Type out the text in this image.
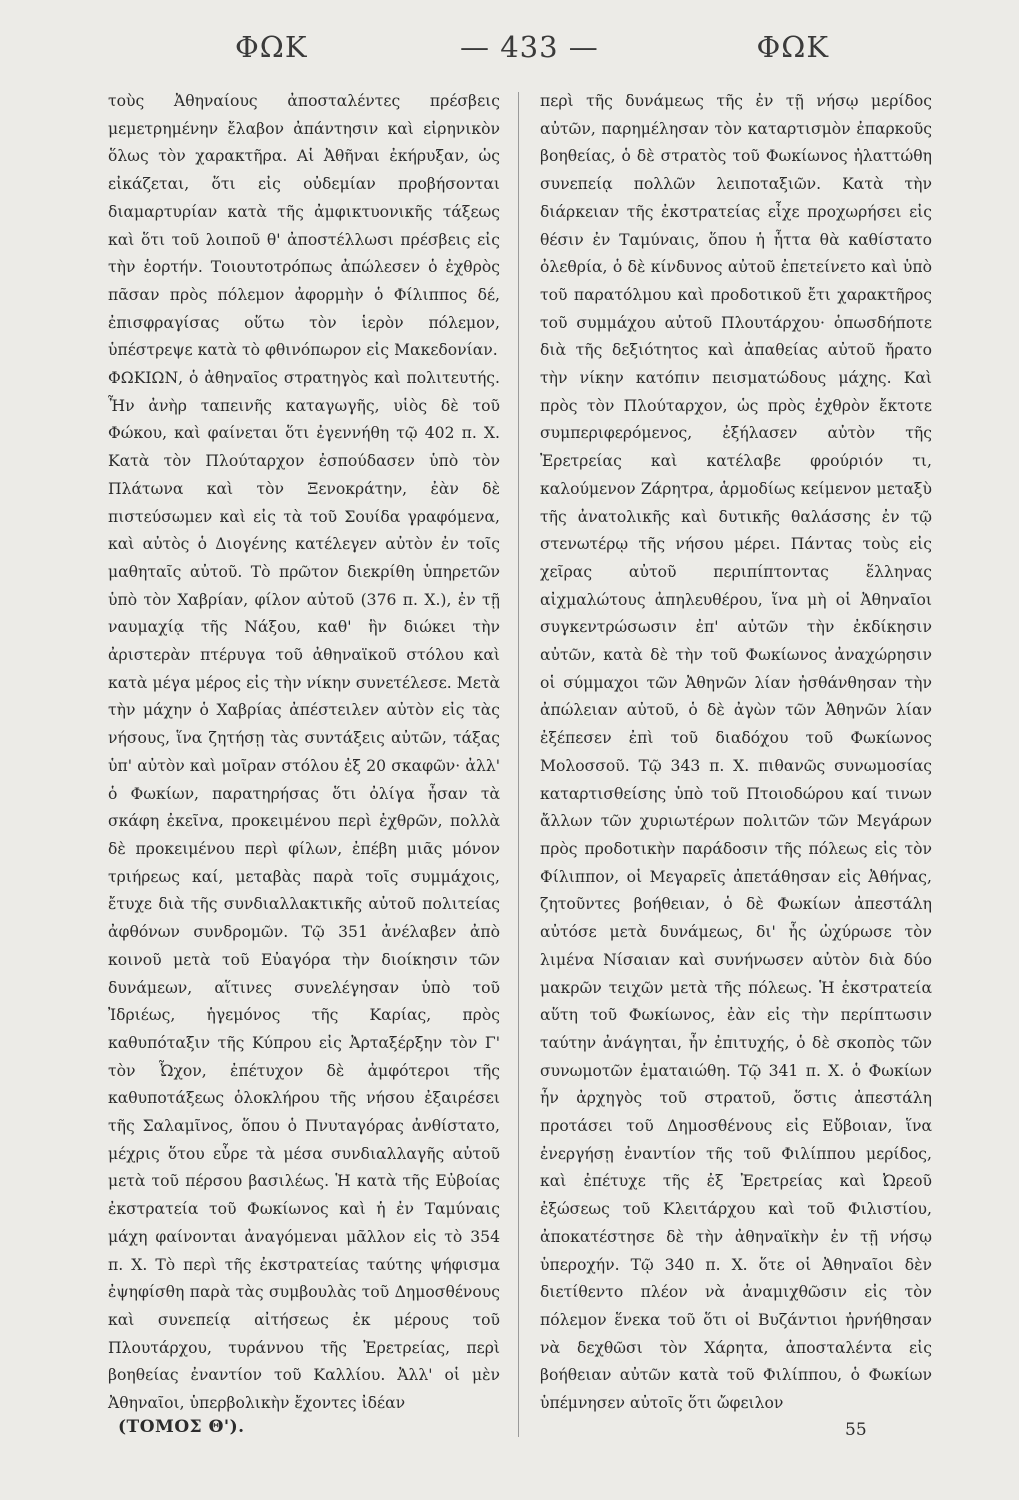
ΦΩΚ	— 433 —	ΦΩΚ

τοὺς Ἀθηναίους ἀποσταλέντες πρέσβεις μεμετρημένην ἔλαβον ἀπάντησιν καὶ εἰρηνικὸν ὅλως τὸν χαρακτῆρα. Αἱ Ἀθῆναι ἐκήρυξαν, ὡς εἰκάζεται, ὅτι εἰς οὐδεμίαν προβήσονται διαμαρτυρίαν κατὰ τῆς ἀμφικτυονικῆς τάξεως καὶ ὅτι τοῦ λοιποῦ θ' ἀποστέλλωσι πρέσβεις εἰς τὴν ἑορτήν. Τοιουτοτρόπως ἀπώλεσεν ὁ ἐχθρὸς πᾶσαν πρὸς πόλεμον ἀφορμὴν ὁ Φίλιππος δέ, ἐπισφραγίσας οὕτω τὸν ἱερὸν πόλεμον, ὑπέστρεψε κατὰ τὸ φθινόπωρον εἰς Μακεδονίαν.

ΦΩΚΙΩΝ, ὁ ἀθηναῖος στρατηγὸς καὶ πολιτευτής. Ἦν ἀνὴρ ταπεινῆς καταγωγῆς, υἱὸς δὲ τοῦ Φώκου, καὶ φαίνεται ὅτι ἐγεννήθη τῷ 402 π. Χ. Κατὰ τὸν Πλούταρχον ἐσπούδασεν ὑπὸ τὸν Πλάτωνα καὶ τὸν Ξενοκράτην, ἐὰν δὲ πιστεύσωμεν καὶ εἰς τὰ τοῦ Σουίδα γραφόμενα, καὶ αὐτὸς ὁ Διογένης κατέλεγεν αὐτὸν ἐν τοῖς μαθηταῖς αὐτοῦ. Τὸ πρῶτον διεκρίθη ὑπηρετῶν ὑπὸ τὸν Χαβρίαν, φίλον αὐτοῦ (376 π. Χ.), ἐν τῇ ναυμαχίᾳ τῆς Νάξου, καθ' ἣν διώκει τὴν ἀριστερὰν πτέρυγα τοῦ ἀθηναϊκοῦ στόλου καὶ κατὰ μέγα μέρος εἰς τὴν νίκην συνετέλεσε. Μετὰ τὴν μάχην ὁ Χαβρίας ἀπέστειλεν αὐτὸν εἰς τὰς νήσους, ἵνα ζητήσῃ τὰς συντάξεις αὐτῶν, τάξας ὑπ' αὐτὸν καὶ μοῖραν στόλου ἐξ 20 σκαφῶν· ἀλλ' ὁ Φωκίων, παρατηρήσας ὅτι ὀλίγα ἦσαν τὰ σκάφη ἐκεῖνα, προκειμένου περὶ ἐχθρῶν, πολλὰ δὲ προκειμένου περὶ φίλων, ἐπέβη μιᾶς μόνον τριήρεως καί, μεταβὰς παρὰ τοῖς συμμάχοις, ἔτυχε διὰ τῆς συνδιαλλακτικῆς αὐτοῦ πολιτείας ἀφθόνων συνδρομῶν. Τῷ 351 ἀνέλαβεν ἀπὸ κοινοῦ μετὰ τοῦ Εὐαγόρα τὴν διοίκησιν τῶν δυνάμεων, αἵτινες συνελέγησαν ὑπὸ τοῦ Ἰδριέως, ἡγεμόνος τῆς Καρίας, πρὸς καθυπόταξιν τῆς Κύπρου εἰς Ἀρταξέρξην τὸν Γ' τὸν Ὦχον, ἐπέτυχον δὲ ἀμφότεροι τῆς καθυποτάξεως ὁλοκλήρου τῆς νήσου ἐξαιρέσει τῆς Σαλαμῖνος, ὅπου ὁ Πνυταγόρας ἀνθίστατο, μέχρις ὅτου εὗρε τὰ μέσα συνδιαλλαγῆς αὐτοῦ μετὰ τοῦ πέρσου βασιλέως. Ἡ κατὰ τῆς Εὐβοίας ἐκστρατεία τοῦ Φωκίωνος καὶ ἡ ἐν Ταμύναις μάχη φαίνονται ἀναγόμεναι μᾶλλον εἰς τὸ 354 π. Χ. Τὸ περὶ τῆς ἐκστρατείας ταύτης ψήφισμα ἐψηφίσθη παρὰ τὰς συμβουλὰς τοῦ Δημοσθένους καὶ συνεπείᾳ αἰτήσεως ἐκ μέρους τοῦ Πλουτάρχου, τυράννου τῆς Ἐρετρείας, περὶ βοηθείας ἐναντίον τοῦ Καλλίου. Ἀλλ' οἱ μὲν Ἀθηναῖοι, ὑπερβολικὴν ἔχοντες ἰδέαν

περὶ τῆς δυνάμεως τῆς ἐν τῇ νήσῳ μερίδος αὐτῶν, παρημέλησαν τὸν καταρτισμὸν ἐπαρκοῦς βοηθείας, ὁ δὲ στρατὸς τοῦ Φωκίωνος ἠλαττώθη συνεπείᾳ πολλῶν λειποταξιῶν. Κατὰ τὴν διάρκειαν τῆς ἐκστρατείας εἶχε προχωρήσει εἰς θέσιν ἐν Ταμύναις, ὅπου ἡ ἧττα θὰ καθίστατο ὀλεθρία, ὁ δὲ κίνδυνος αὐτοῦ ἐπετείνετο καὶ ὑπὸ τοῦ παρατόλμου καὶ προδοτικοῦ ἔτι χαρακτῆρος τοῦ συμμάχου αὐτοῦ Πλουτάρχου· ὁπωσδήποτε διὰ τῆς δεξιότητος καὶ ἀπαθείας αὐτοῦ ἤρατο τὴν νίκην κατόπιν πεισματώδους μάχης. Καὶ πρὸς τὸν Πλούταρχον, ὡς πρὸς ἐχθρὸν ἔκτοτε συμπεριφερόμενος, ἐξήλασεν αὐτὸν τῆς Ἐρετρείας καὶ κατέλαβε φρούριόν τι, καλούμενον Ζάρητρα, ἁρμοδίως κείμενον μεταξὺ τῆς ἀνατολικῆς καὶ δυτικῆς θαλάσσης ἐν τῷ στενωτέρῳ τῆς νήσου μέρει. Πάντας τοὺς εἰς χεῖρας αὐτοῦ περιπίπτοντας ἕλληνας αἰχμαλώτους ἀπηλευθέρου, ἵνα μὴ οἱ Ἀθηναῖοι συγκεντρώσωσιν ἐπ' αὐτῶν τὴν ἐκδίκησιν αὐτῶν, κατὰ δὲ τὴν τοῦ Φωκίωνος ἀναχώρησιν οἱ σύμμαχοι τῶν Ἀθηνῶν λίαν ἠσθάνθησαν τὴν ἀπώλειαν αὐτοῦ, ὁ δὲ ἀγὼν τῶν Ἀθηνῶν λίαν ἐξέπεσεν ἐπὶ τοῦ διαδόχου τοῦ Φωκίωνος Μολοσσοῦ. Τῷ 343 π. Χ. πιθανῶς συνωμοσίας καταρτισθείσης ὑπὸ τοῦ Πτοιοδώρου καί τινων ἄλλων τῶν χυριωτέρων πολιτῶν τῶν Μεγάρων πρὸς προδοτικὴν παράδοσιν τῆς πόλεως εἰς τὸν Φίλιππον, οἱ Μεγαρεῖς ἀπετάθησαν εἰς Ἀθήνας, ζητοῦντες βοήθειαν, ὁ δὲ Φωκίων ἀπεστάλη αὐτόσε μετὰ δυνάμεως, δι' ἧς ὠχύρωσε τὸν λιμένα Νίσαιαν καὶ συνήνωσεν αὐτὸν διὰ δύο μακρῶν τειχῶν μετὰ τῆς πόλεως. Ἡ ἐκστρατεία αὕτη τοῦ Φωκίωνος, ἐὰν εἰς τὴν περίπτωσιν ταύτην ἀνάγηται, ἦν ἐπιτυχής, ὁ δὲ σκοπὸς τῶν συνωμοτῶν ἐματαιώθη. Τῷ 341 π. Χ. ὁ Φωκίων ἦν ἀρχηγὸς τοῦ στρατοῦ, ὅστις ἀπεστάλη προτάσει τοῦ Δημοσθένους εἰς Εὔβοιαν, ἵνα ἐνεργήσῃ ἐναντίον τῆς τοῦ Φιλίππου μερίδος, καὶ ἐπέτυχε τῆς ἐξ Ἐρετρείας καὶ Ὠρεοῦ ἐξώσεως τοῦ Κλειτάρχου καὶ τοῦ Φιλιστίου, ἀποκατέστησε δὲ τὴν ἀθηναϊκὴν ἐν τῇ νήσῳ ὑπεροχήν. Τῷ 340 π. Χ. ὅτε οἱ Ἀθηναῖοι δὲν διετίθεντο πλέον νὰ ἀναμιχθῶσιν εἰς τὸν πόλεμον ἕνεκα τοῦ ὅτι οἱ Βυζάντιοι ἠρνήθησαν νὰ δεχθῶσι τὸν Χάρητα, ἀποσταλέντα εἰς βοήθειαν αὐτῶν κατὰ τοῦ Φιλίππου, ὁ Φωκίων ὑπέμνησεν αὐτοῖς ὅτι ὤφειλον

(ΤΟΜΟΣ Θ').	55
